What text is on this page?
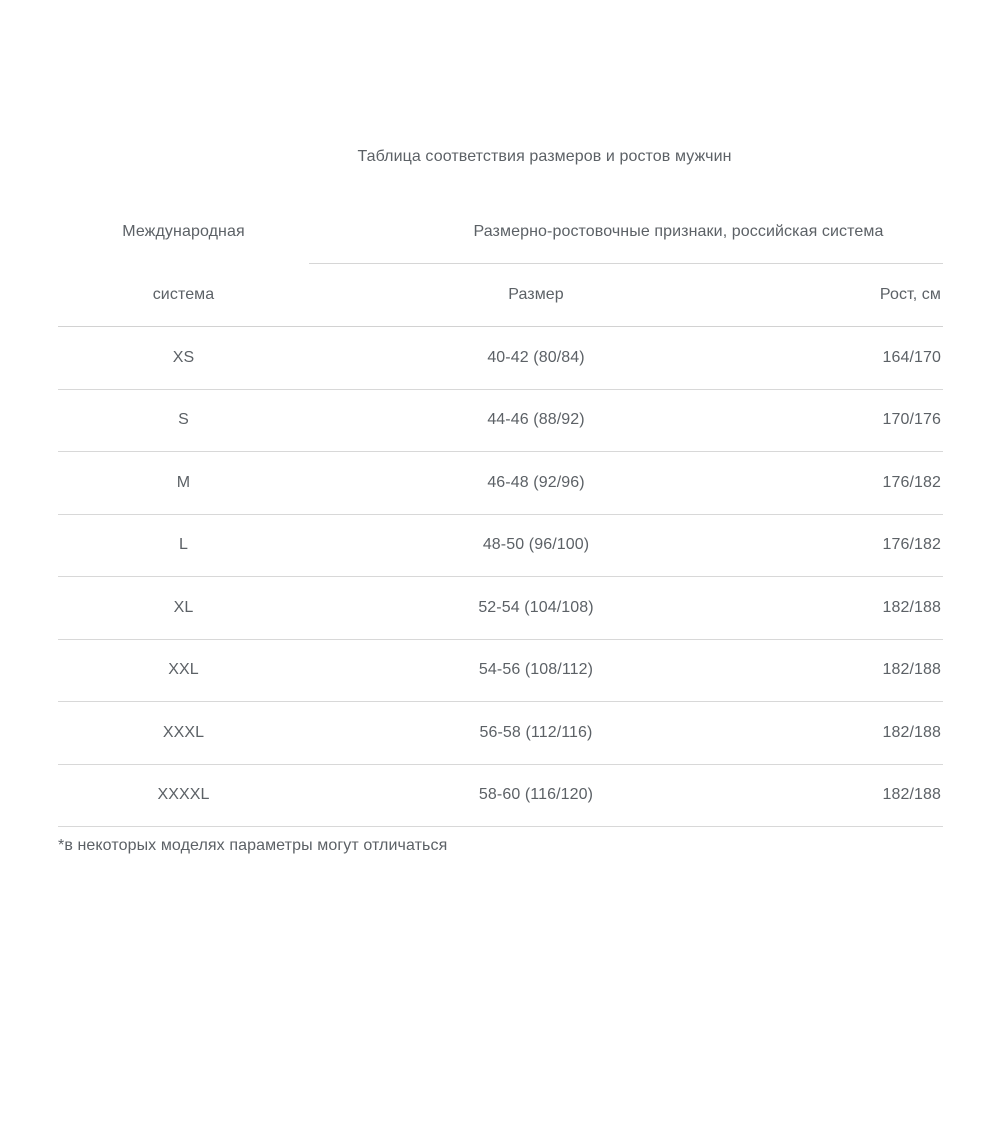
Таблица соответствия размеров и ростов мужчин
Международная	Размерно-ростовочные признаки, российская система	
система	Размер	Рост, см
XS	40-42 (80/84)	164/170
S	44-46 (88/92)	170/176
M	46-48 (92/96)	176/182
L	48-50 (96/100)	176/182
XL	52-54 (104/108)	182/188
XXL	54-56 (108/112)	182/188
XXXL	56-58 (112/116)	182/188
XXXXL	58-60 (116/120)	182/188
*в некоторых моделях параметры могут отличаться
